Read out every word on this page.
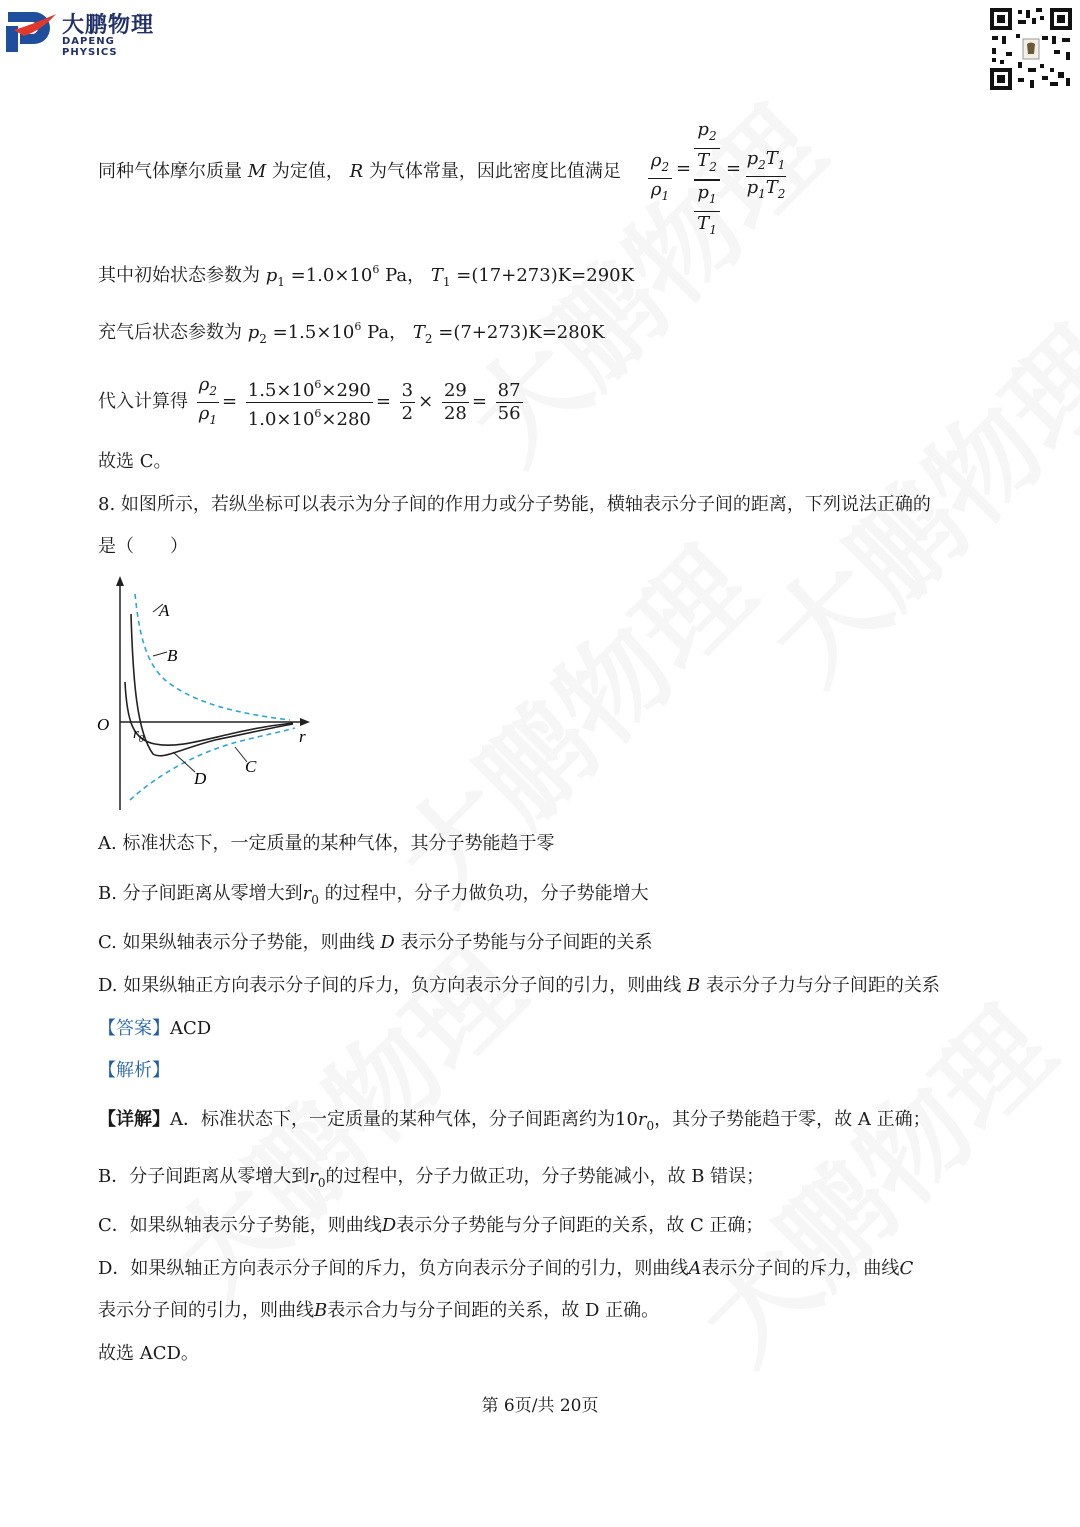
大鹏物理
DAPENG PHYSICS
同种气体摩尔质量 M 为定值， R 为气体常量，因此密度比值满足
$\rho_2$
$\rho_1$
=
$p_2$
$T_2$
$p_1$
$T_1$
= $p_2T_1$
$p_1T_2$
其中初始状态参数为 $p_1 =1.0\times 10^6$ Pa， $T_1 =(17+273)K=290K$
充气后状态参数为 $p_2 =1.5\times 10^6$ Pa， $T_2 =(7+273)K=280K$
代入计算得 $\frac{\rho_2}{\rho_1} = \frac{1.5\times 10^6\times 290}{1.0\times 10^6\times 280} = \frac{3}{2} \times \frac{29}{28} = \frac{87}{56}$
故选 C。
8. 如图所示，若纵坐标可以表示为分子间的作用力或分子势能，横轴表示分子间的距离，下列说法正确的
是（　　）
O
r
$r_0$
A
B
C
D
A. 标准状态下，一定质量的某种气体，其分子势能趋于零
B. 分子间距离从零增大到$r_0$ 的过程中，分子力做负功，分子势能增大
C. 如果纵轴表示分子势能，则曲线 D 表示分子势能与分子间距的关系
D. 如果纵轴正方向表示分子间的斥力，负方向表示分子间的引力，则曲线 B 表示分子力与分子间距的关系
【答案】ACD
【解析】
【详解】A．标准状态下，一定质量的某种气体，分子间距离约为$10r_0$，其分子势能趋于零，故 A 正确；
B．分子间距离从零增大到$r_0$的过程中，分子力做正功，分子势能减小，故 B 错误；
C．如果纵轴表示分子势能，则曲线D表示分子势能与分子间距的关系，故 C 正确；
D．如果纵轴正方向表示分子间的斥力，负方向表示分子间的引力，则曲线A表示分子间的斥力，曲线C
表示分子间的引力，则曲线B表示合力与分子间距的关系，故 D 正确。
故选 ACD。
第 6页/共 20页
